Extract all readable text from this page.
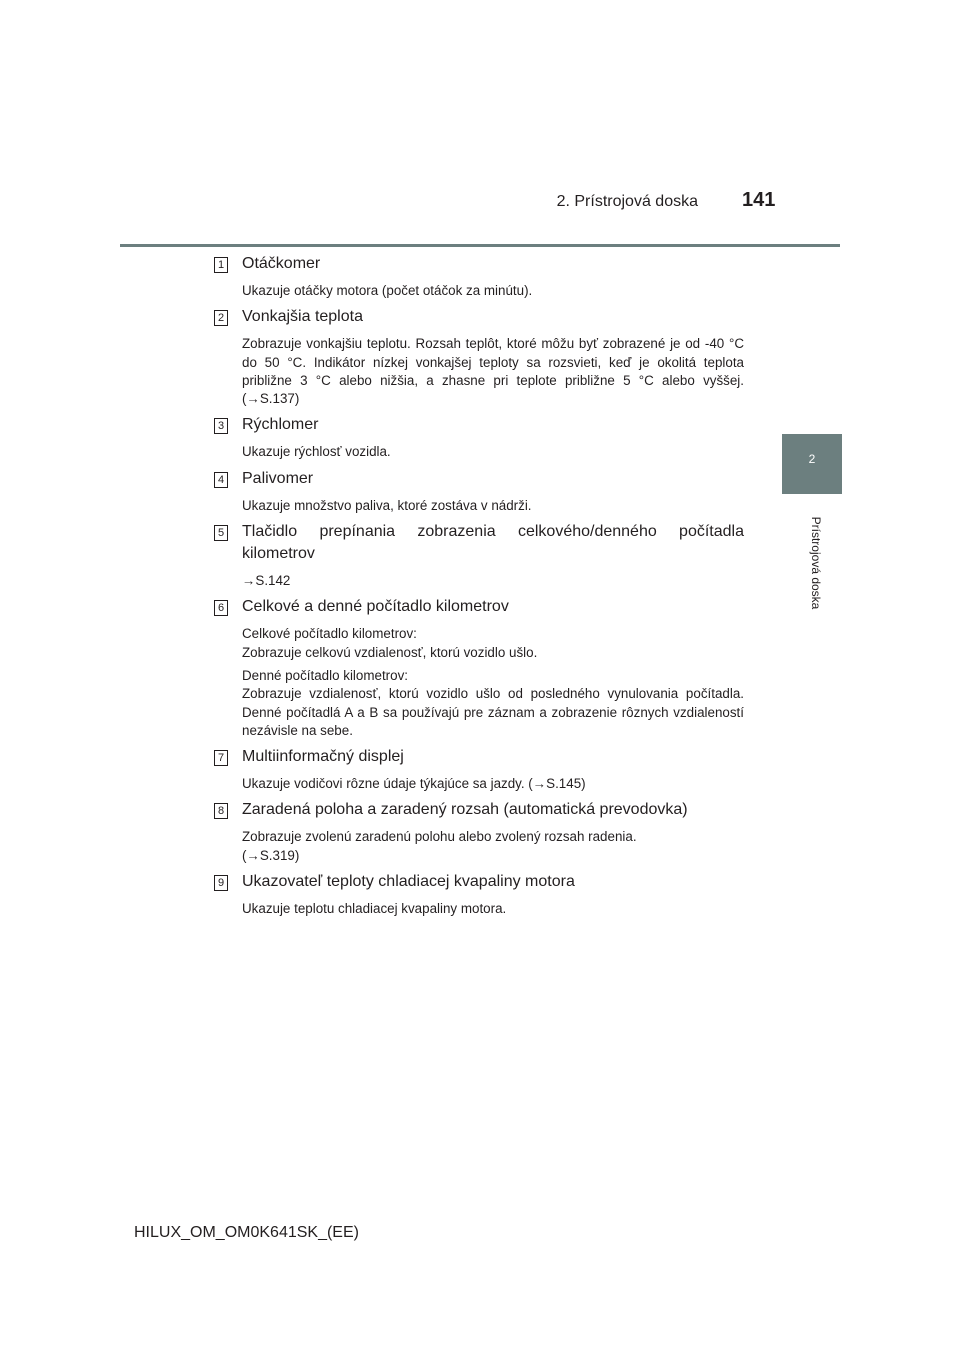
2. Prístrojová doska 141
2
Prístrojová doska
1 Otáčkomer

Ukazuje otáčky motora (počet otáčok za minútu).

2 Vonkajšia teplota

Zobrazuje vonkajšiu teplotu. Rozsah teplôt, ktoré môžu byť zobrazené je od -40 °C do 50 °C. Indikátor nízkej vonkajšej teploty sa rozsvieti, keď je okolitá teplota približne 3 °C alebo nižšia, a zhasne pri teplote približne 5 °C alebo vyššej. (→S.137)

3 Rýchlomer

Ukazuje rýchlosť vozidla.

4 Palivomer

Ukazuje množstvo paliva, ktoré zostáva v nádrži.

5 Tlačidlo prepínania zobrazenia celkového/denného počítadla kilometrov

→S.142

6 Celkové a denné počítadlo kilometrov

Celkové počítadlo kilometrov:
Zobrazuje celkovú vzdialenosť, ktorú vozidlo ušlo.

Denné počítadlo kilometrov:
Zobrazuje vzdialenosť, ktorú vozidlo ušlo od posledného vynulovania počítadla. Denné počítadlá A a B sa používajú pre záznam a zobrazenie rôznych vzdialeností nezávisle na sebe.

7 Multiinformačný displej

Ukazuje vodičovi rôzne údaje týkajúce sa jazdy. (→S.145)

8 Zaradená poloha a zaradený rozsah (automatická prevodovka)

Zobrazuje zvolenú zaradenú polohu alebo zvolený rozsah radenia.
(→S.319)

9 Ukazovateľ teploty chladiacej kvapaliny motora

Ukazuje teplotu chladiacej kvapaliny motora.

HILUX_OM_OM0K641SK_(EE)
